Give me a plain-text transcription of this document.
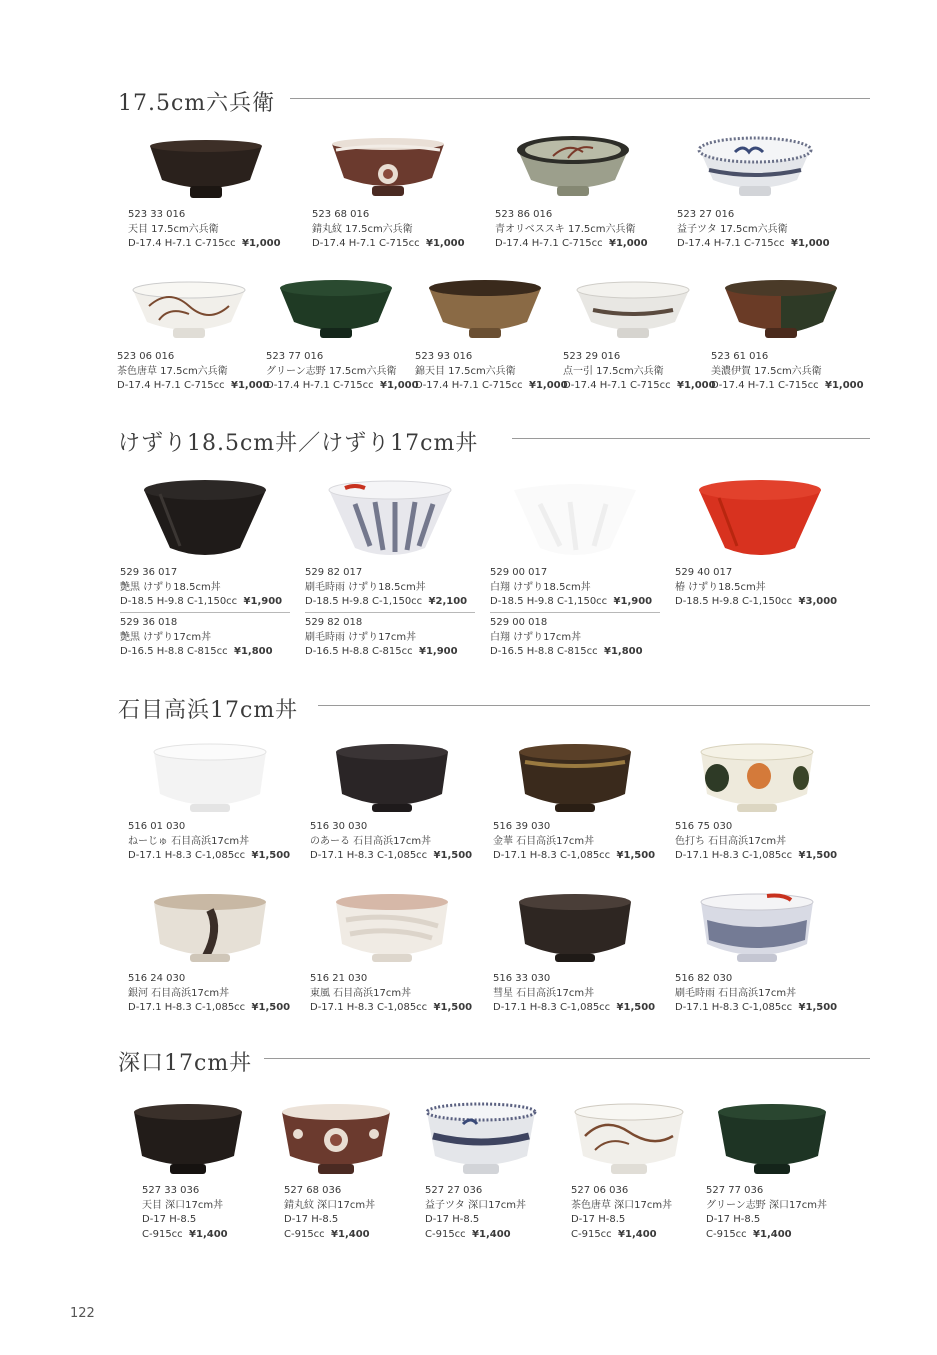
17.5cm六兵衛
523 33 016
天目 17.5cm六兵衛
D-17.4 H-7.1 C-715cc ¥1,000
523 68 016
錆丸紋 17.5cm六兵衛
D-17.4 H-7.1 C-715cc ¥1,000
523 86 016
青オリベススキ 17.5cm六兵衛
D-17.4 H-7.1 C-715cc ¥1,000
523 27 016
益子ツタ 17.5cm六兵衛
D-17.4 H-7.1 C-715cc ¥1,000
523 06 016
茶色唐草 17.5cm六兵衛
D-17.4 H-7.1 C-715cc ¥1,000
523 77 016
グリーン志野 17.5cm六兵衛
D-17.4 H-7.1 C-715cc ¥1,000
523 93 016
錦天目 17.5cm六兵衛
D-17.4 H-7.1 C-715cc ¥1,000
523 29 016
点一引 17.5cm六兵衛
D-17.4 H-7.1 C-715cc ¥1,000
523 61 016
美濃伊賀 17.5cm六兵衛
D-17.4 H-7.1 C-715cc ¥1,000
けずり18.5cm丼／けずり17cm丼
529 36 017
艶黒 けずり18.5cm丼
D-18.5 H-9.8 C-1,150cc ¥1,900
529 36 018
艶黒 けずり17cm丼
D-16.5 H-8.8 C-815cc ¥1,800
529 82 017
刷毛時雨 けずり18.5cm丼
D-18.5 H-9.8 C-1,150cc ¥2,100
529 82 018
刷毛時雨 けずり17cm丼
D-16.5 H-8.8 C-815cc ¥1,900
529 00 017
白翔 けずり18.5cm丼
D-18.5 H-9.8 C-1,150cc ¥1,900
529 00 018
白翔 けずり17cm丼
D-16.5 H-8.8 C-815cc ¥1,800
529 40 017
椿 けずり18.5cm丼
D-18.5 H-9.8 C-1,150cc ¥3,000
石目高浜17cm丼
516 01 030
ねーじゅ 石目高浜17cm丼
D-17.1 H-8.3 C-1,085cc ¥1,500
516 30 030
のあーる 石目高浜17cm丼
D-17.1 H-8.3 C-1,085cc ¥1,500
516 39 030
金華 石目高浜17cm丼
D-17.1 H-8.3 C-1,085cc ¥1,500
516 75 030
色打ち 石目高浜17cm丼
D-17.1 H-8.3 C-1,085cc ¥1,500
516 24 030
銀河 石目高浜17cm丼
D-17.1 H-8.3 C-1,085cc ¥1,500
516 21 030
東風 石目高浜17cm丼
D-17.1 H-8.3 C-1,085cc ¥1,500
516 33 030
彗星 石目高浜17cm丼
D-17.1 H-8.3 C-1,085cc ¥1,500
516 82 030
刷毛時雨 石目高浜17cm丼
D-17.1 H-8.3 C-1,085cc ¥1,500
深口17cm丼
527 33 036
天目 深口17cm丼
D-17 H-8.5
C-915cc ¥1,400
527 68 036
錆丸紋 深口17cm丼
D-17 H-8.5
C-915cc ¥1,400
527 27 036
益子ツタ 深口17cm丼
D-17 H-8.5
C-915cc ¥1,400
527 06 036
茶色唐草 深口17cm丼
D-17 H-8.5
C-915cc ¥1,400
527 77 036
グリーン志野 深口17cm丼
D-17 H-8.5
C-915cc ¥1,400
122
